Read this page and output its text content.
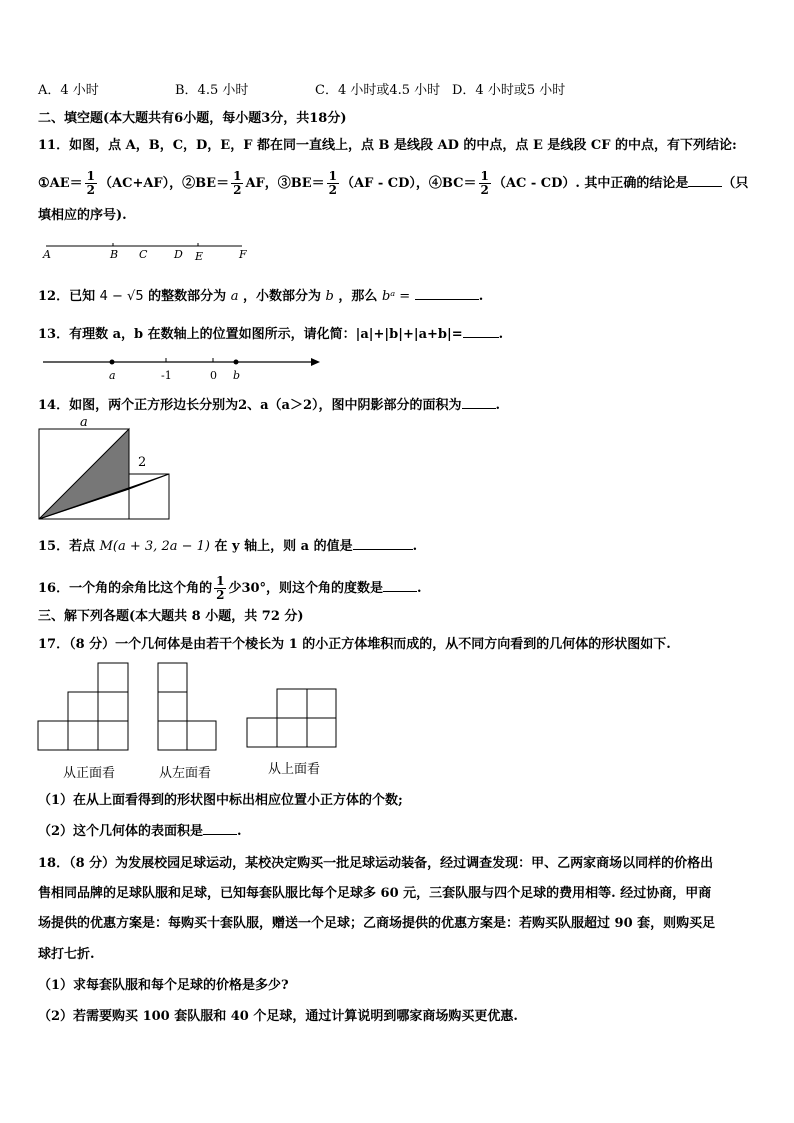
A．4 小时	B．4.5 小时	C．4 小时或4.5 小时 D．4 小时或5 小时
二、填空题(本大题共有6小题，每小题3分，共18分)
11．如图，点 A，B，C，D，E，F 都在同一直线上，点 B 是线段 AD 的中点，点 E 是线段 CF 的中点，有下列结论:
①AE＝ $\frac{1}{2} (AC+AF)$，②BE＝ $\frac{1}{2}$ AF，③BE＝ $\frac{1}{2} (AF - CD)$，④BC＝ $\frac{1}{2} (AC - CD)$. 其中正确的结论是	（只
填相应的序号).
A	B C D E	F
12．已知 4 − √5 的整数部分为 a ，小数部分为 b ，那么 bᵃ =	.
13．有理数 a，b 在数轴上的位置如图所示，请化简：|a|+|b|+|a+b|=	.
a	-1	0 b
14．如图，两个正方形边长分别为2、a（a＞2），图中阴影部分的面积为	.
a
2
15．若点 M(a + 3, 2a − 1) 在 y 轴上，则 a 的值是	.
16．一个角的余角比这个角的 $\frac{1}{2}$ 少30°，则这个角的度数是	.
三、解下列各题(本大题共 8 小题，共 72 分)
17．（8 分）一个几何体是由若干个棱长为 1 的小正方体堆积而成的，从不同方向看到的几何体的形状图如下.
从正面看	从左面看	从上面看
（1）在从上面看得到的形状图中标出相应位置小正方体的个数;
（2）这个几何体的表面积是	.
18．（8 分）为发展校园足球运动，某校决定购买一批足球运动装备，经过调查发现：甲、乙两家商场以同样的价格出
售相同品牌的足球队服和足球，已知每套队服比每个足球多 60 元，三套队服与四个足球的费用相等. 经过协商，甲商
场提供的优惠方案是：每购买十套队服，赠送一个足球；乙商场提供的优惠方案是：若购买队服超过 90 套，则购买足
球打七折.
（1）求每套队服和每个足球的价格是多少?
（2）若需要购买 100 套队服和 40 个足球，通过计算说明到哪家商场购买更优惠.
